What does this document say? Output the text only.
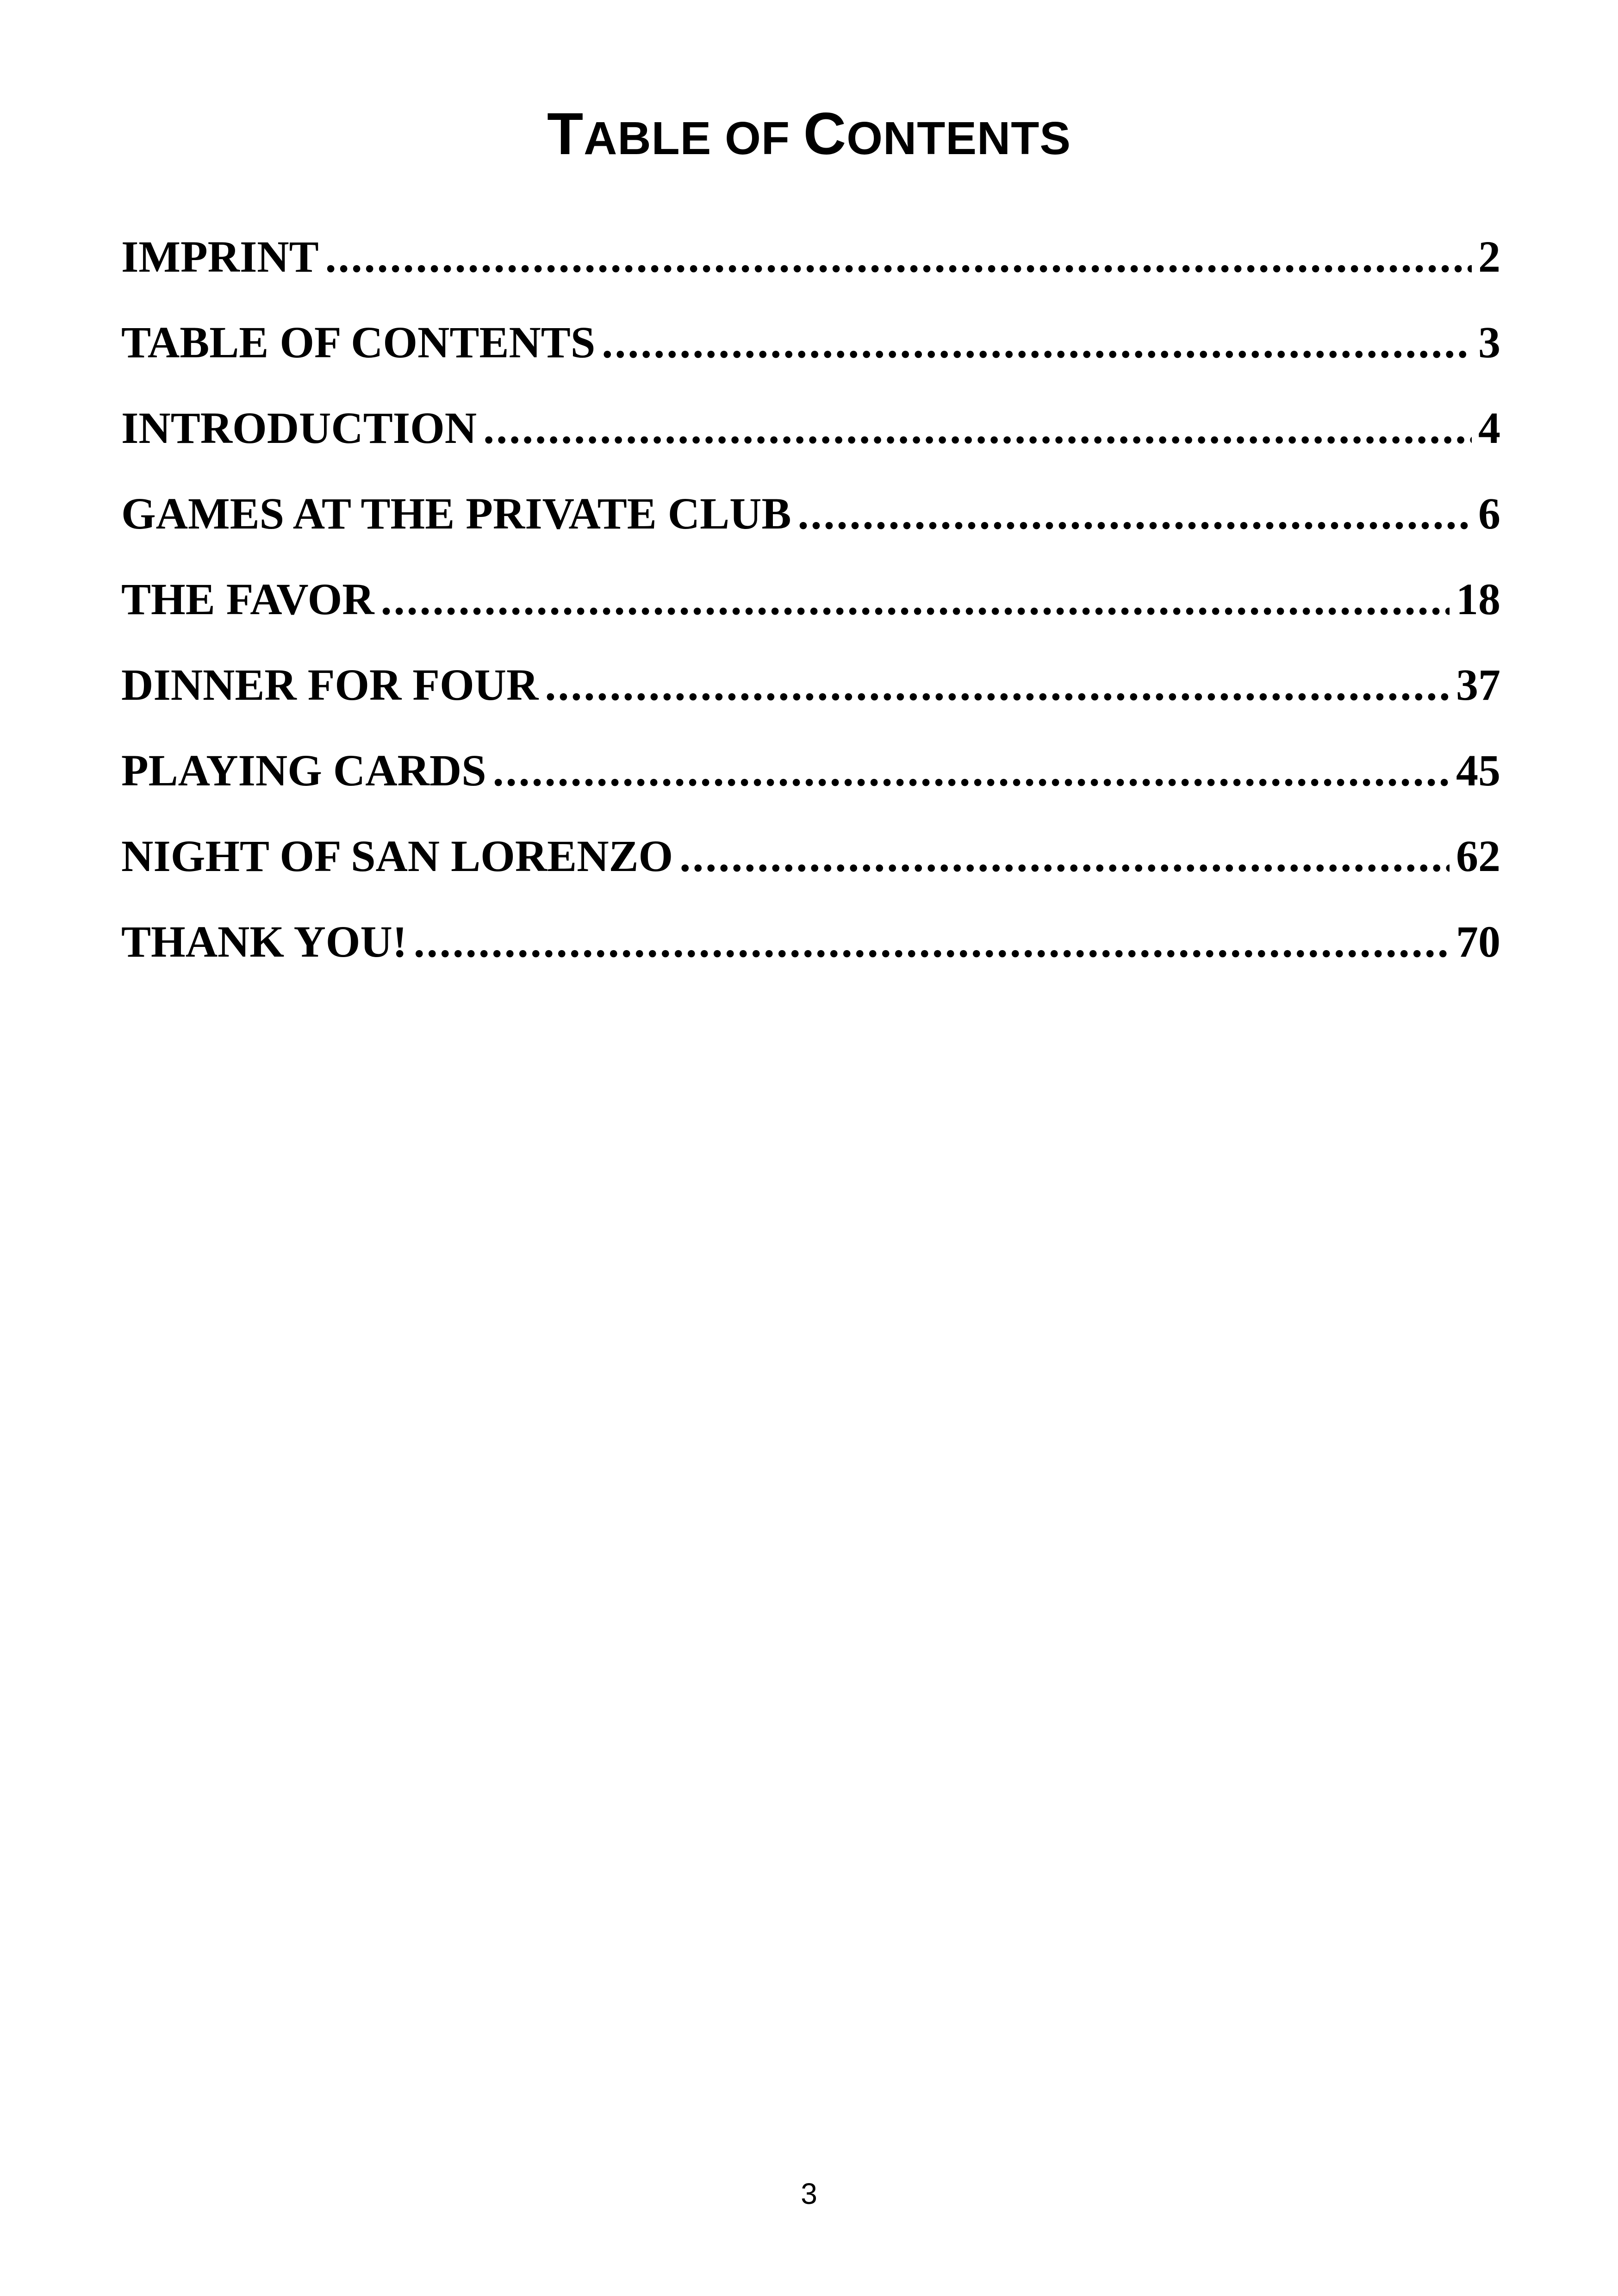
TABLE OF CONTENTS
IMPRINT .....	2
TABLE OF CONTENTS .....	3
INTRODUCTION .....	4
GAMES AT THE PRIVATE CLUB .....	6
THE FAVOR .....	18
DINNER FOR FOUR .....	37
PLAYING CARDS .....	45
NIGHT OF SAN LORENZO .....	62
THANK YOU! .....	70
3
